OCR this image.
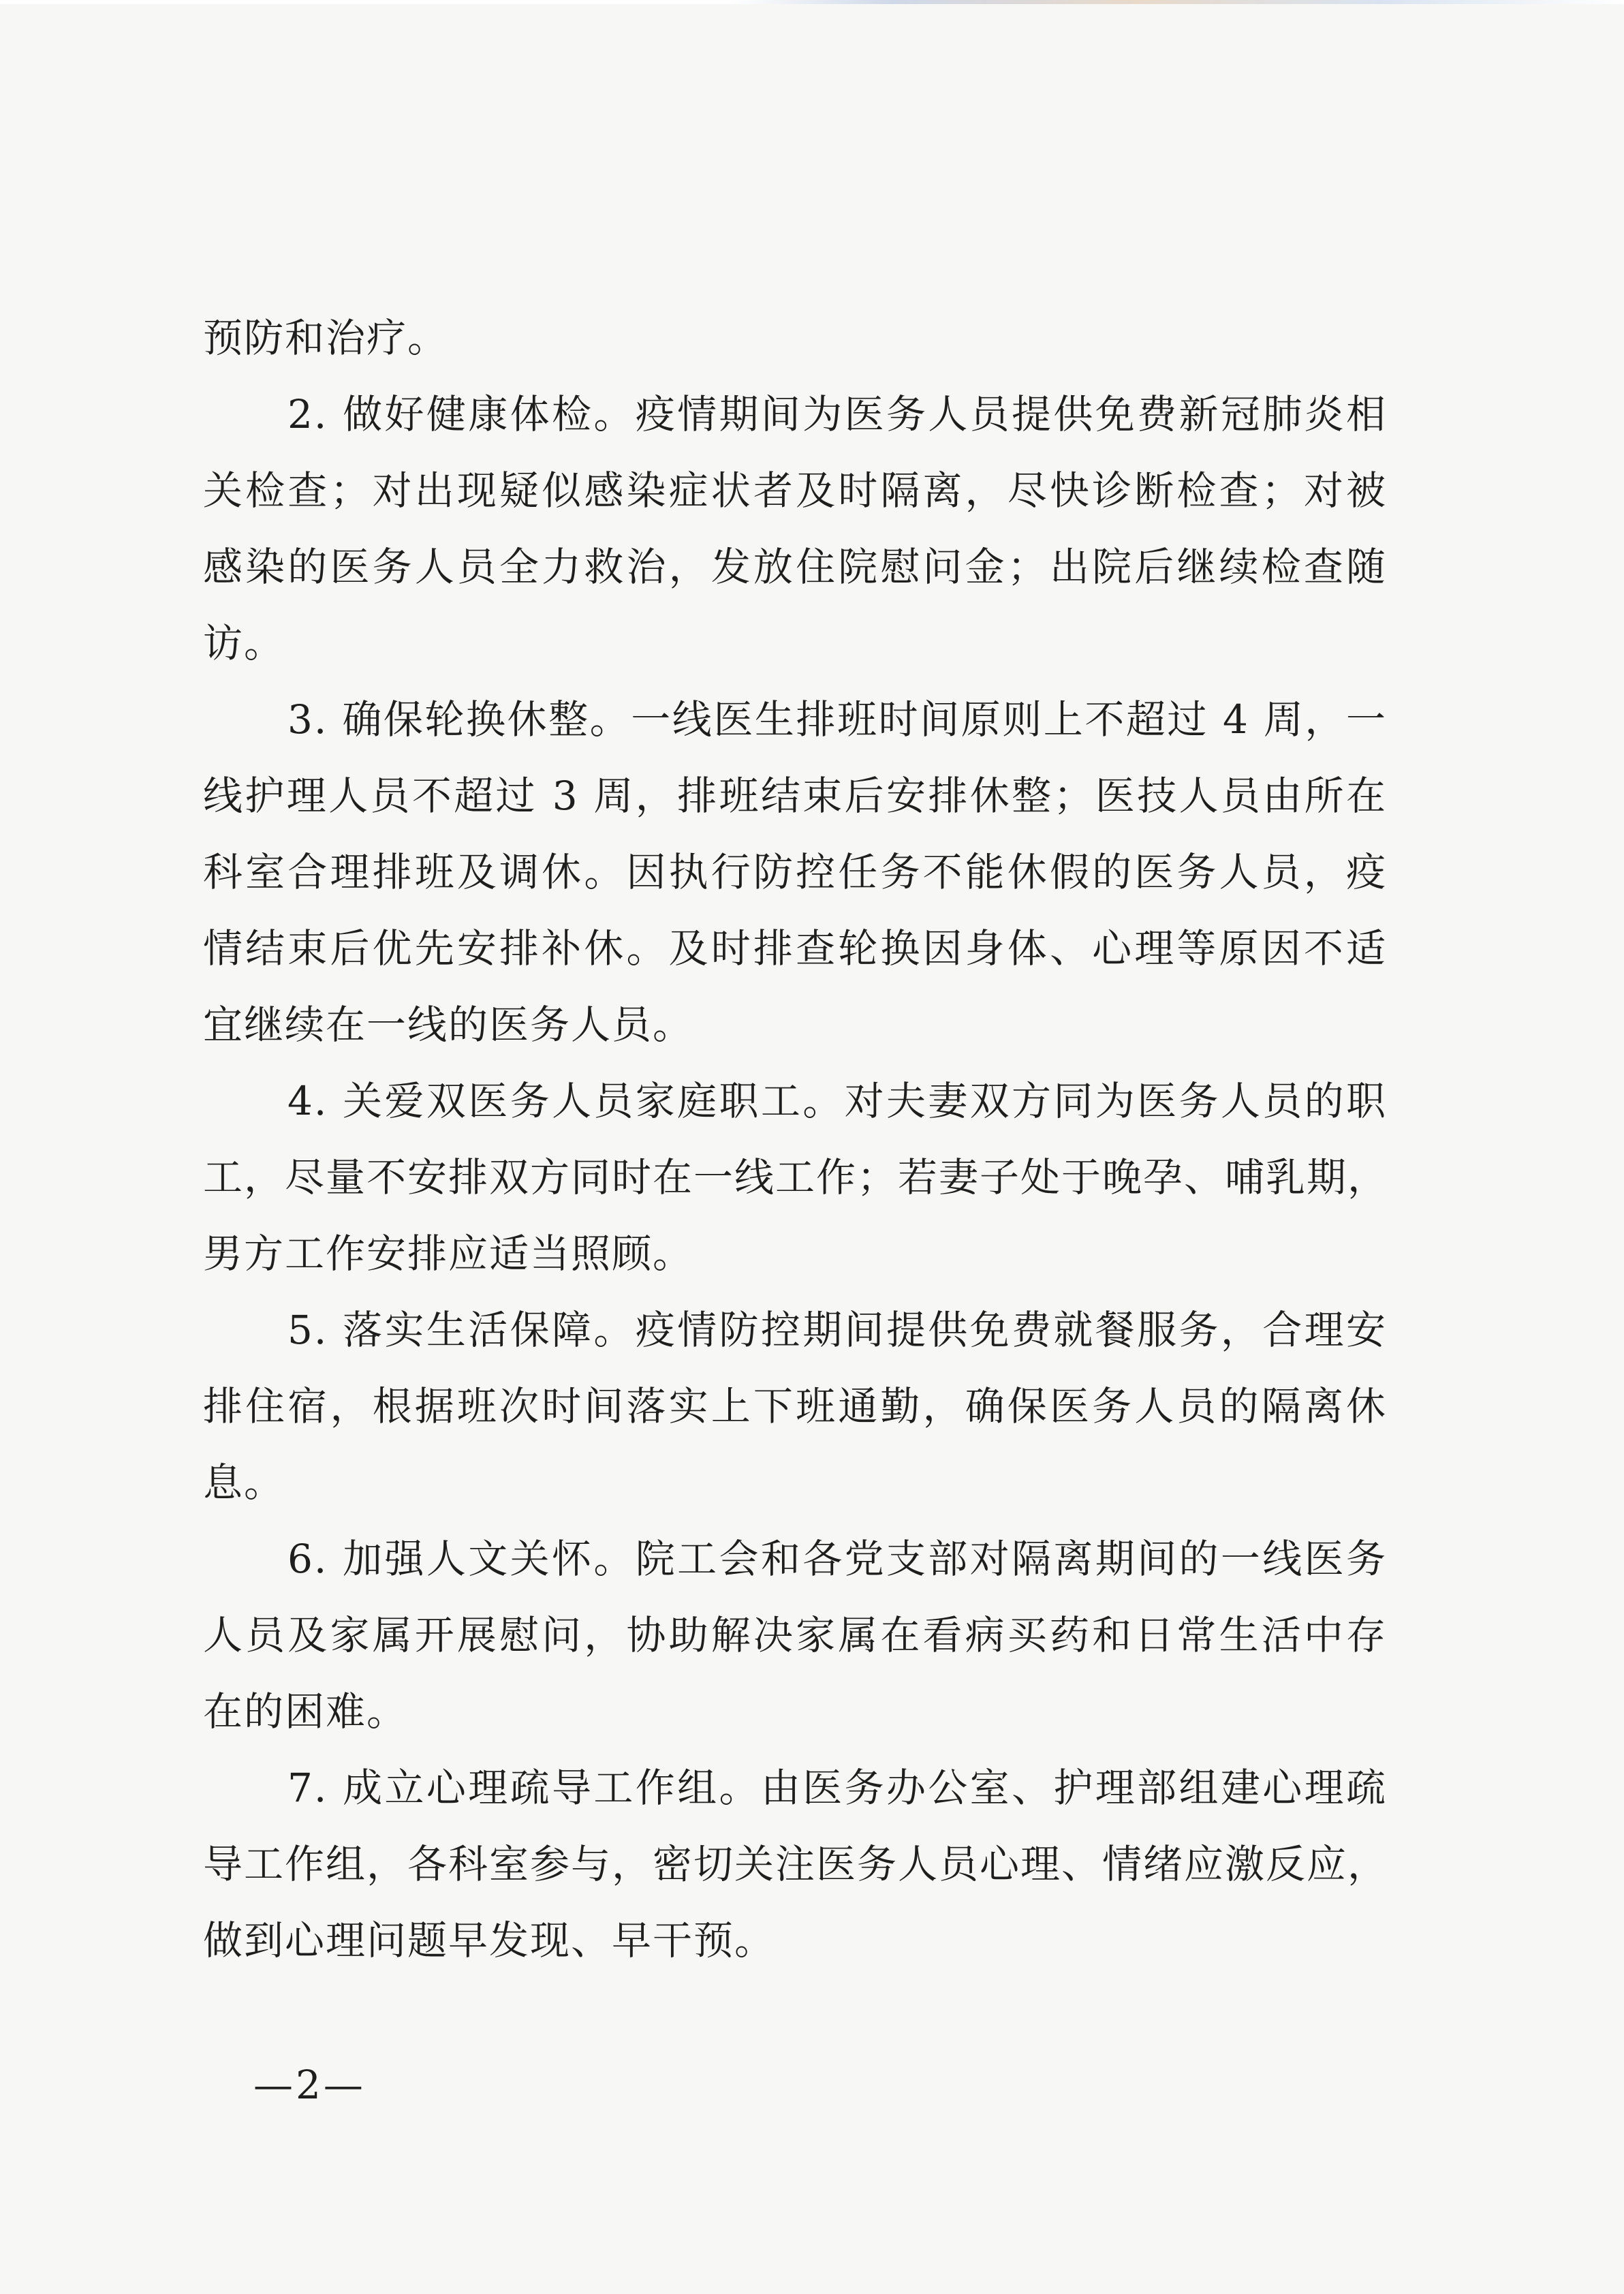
预防和治疗。
2. 做好健康体检。疫情期间为医务人员提供免费新冠肺炎相
关检查；对出现疑似感染症状者及时隔离，尽快诊断检查；对被
感染的医务人员全力救治，发放住院慰问金；出院后继续检查随
访。
3. 确保轮换休整。一线医生排班时间原则上不超过 4 周，一
线护理人员不超过 3 周，排班结束后安排休整；医技人员由所在
科室合理排班及调休。因执行防控任务不能休假的医务人员，疫
情结束后优先安排补休。及时排查轮换因身体、心理等原因不适
宜继续在一线的医务人员。
4. 关爱双医务人员家庭职工。对夫妻双方同为医务人员的职
工，尽量不安排双方同时在一线工作；若妻子处于晚孕、哺乳期，
男方工作安排应适当照顾。
5. 落实生活保障。疫情防控期间提供免费就餐服务，合理安
排住宿，根据班次时间落实上下班通勤，确保医务人员的隔离休
息。
6. 加强人文关怀。院工会和各党支部对隔离期间的一线医务
人员及家属开展慰问，协助解决家属在看病买药和日常生活中存
在的困难。
7. 成立心理疏导工作组。由医务办公室、护理部组建心理疏
导工作组，各科室参与，密切关注医务人员心理、情绪应激反应，
做到心理问题早发现、早干预。
—2—
